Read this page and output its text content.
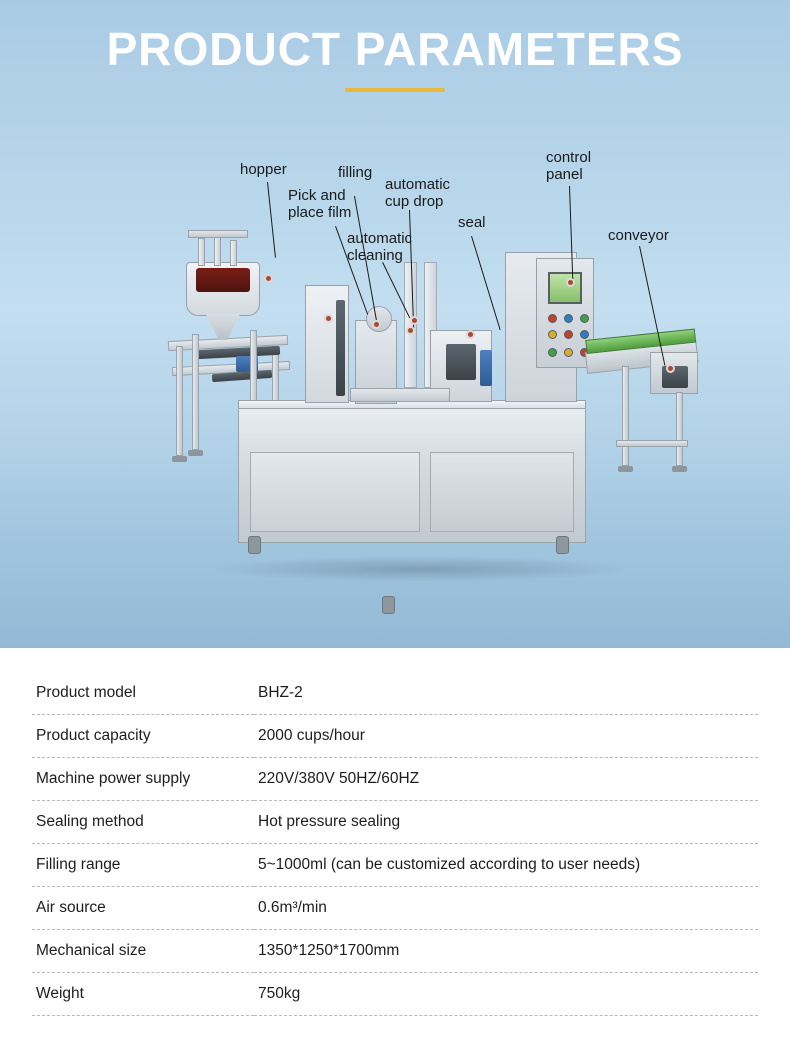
PRODUCT PARAMETERS
hopper
Pick and
place film
filling
automatic
cup drop
automatic
cleaning
seal
control
panel
conveyor
Product model	BHZ-2
Product capacity	2000 cups/hour
Machine power supply	220V/380V 50HZ/60HZ
Sealing method	Hot pressure sealing
Filling range	5~1000ml (can be customized according to user needs)
Air source	0.6m³/min
Mechanical size	1350*1250*1700mm
Weight	750kg
